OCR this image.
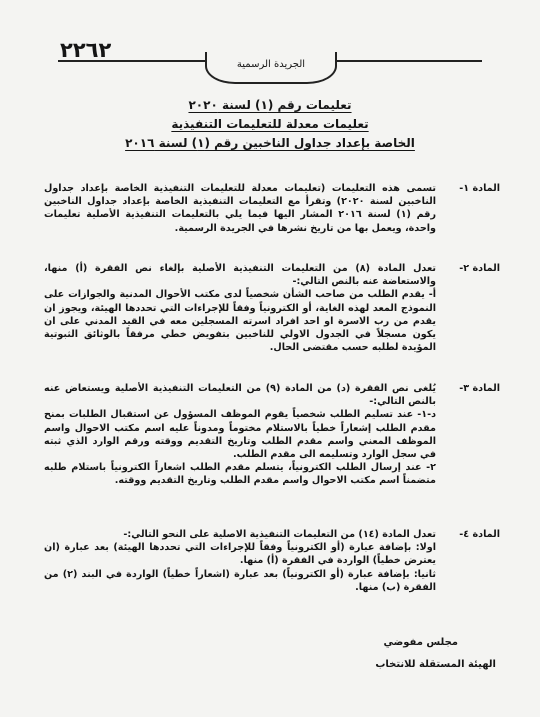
٢٢٦٢
الجريدة الرسمية
تعليمات رقم (١) لسنة ٢٠٢٠
تعليمات معدلة للتعليمات التنفيذية
الخاصة بإعداد جداول الناخبين رقم (١) لسنة ٢٠١٦
المادة ١-

تسمى هذه التعليمات (تعليمات معدلة للتعليمات التنفيذية الخاصة بإعداد جداول الناخبين لسنة ٢٠٢٠) وتقرأ مع التعليمات التنفيذية الخاصة بإعداد جداول الناخبين رقم (١) لسنة ٢٠١٦ المشار اليها فيما يلي بالتعليمات التنفيذية الأصلية تعليمات واحدة، ويعمل بها من تاريخ نشرها في الجريدة الرسمية.

المادة ٢-

تعدل المادة (٨) من التعليمات التنفيذية الأصلية بإلغاء نص الفقرة (أ) منها، والاستعاضة عنه بالنص التالي:-

أ- يقدم الطلب من صاحب الشأن شخصياً لدى مكتب الأحوال المدنية والجوازات على النموذج المعد لهذه الغاية، أو الكترونياً وفقاً للإجراءات التي تحددها الهيئة، ويجوز ان يقدم من رب الاسرة او احد افراد اسرته المسجلين معه في القيد المدني على ان يكون مسجلاً في الجدول الاولي للناخبين بتفويض خطي مرفقاً بالوثائق الثبوتية المؤيدة لطلبه حسب مقتضى الحال.

المادة ٣-

يُلغى نص الفقرة (د) من المادة (٩) من التعليمات التنفيذية الأصلية ويستعاض عنه بالنص التالي:-

د-١- عند تسليم الطلب شخصياً يقوم الموظف المسؤول عن استقبال الطلبات بمنح مقدم الطلب إشعاراً خطياً بالاستلام مختوماً ومدوناً عليه اسم مكتب الاحوال واسم الموظف المعني واسم مقدم الطلب وتاريخ التقديم ووقته ورقم الوارد الذي ثبته في سجل الوارد وتسليمه الى مقدم الطلب.

٢- عند إرسال الطلب الكترونياً، يتسلم مقدم الطلب اشعاراً الكترونياً باستلام طلبه متضمناً اسم مكتب الاحوال واسم مقدم الطلب وتاريخ التقديم ووقته.

المادة ٤-

تعدل المادة (١٤) من التعليمات التنفيذية الاصلية على النحو التالي:-

اولا: بإضافة عبارة (أو الكترونياً وفقاً للإجراءات التي تحددها الهيئة) بعد عبارة (ان يعترض خطياً) الواردة في الفقرة (أ) منها.

ثانيا: بإضافة عبارة (أو الكترونياً) بعد عبارة (اشعاراً خطياً) الواردة في البند (٢) من الفقرة (ب) منها.

مجلس مفوضي
الهيئة المستقلة للانتخاب
